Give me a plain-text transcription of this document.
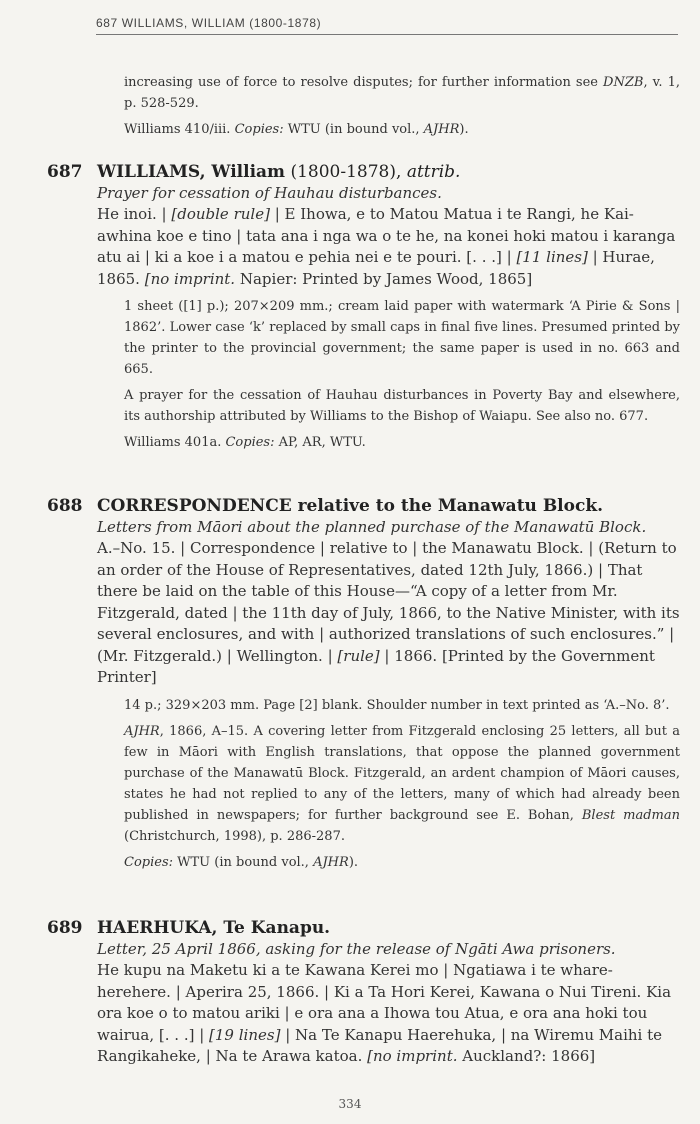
687 WILLIAMS, WILLIAM (1800-1878)

increasing use of force to resolve disputes; for further information see DNZB, v. 1, p. 528-529.

Williams 410/iii. Copies: WTU (in bound vol., AJHR).

687 WILLIAMS, William (1800-1878), attrib.
Prayer for cessation of Hauhau disturbances.
He inoi. | [double rule] | E Ihowa, e to Matou Matua i te Rangi, he Kai-awhina koe e tino | tata ana i nga wa o te he, na konei hoki matou i karanga atu ai | ki a koe i a matou e pehia nei e te pouri. [. . .] | [11 lines] | Hurae, 1865. [no imprint. Napier: Printed by James Wood, 1865]

1 sheet ([1] p.); 207×209 mm.; cream laid paper with watermark ‘A Pirie & Sons | 1862’. Lower case ‘k’ replaced by small caps in final five lines. Presumed printed by the printer to the provincial government; the same paper is used in no. 663 and 665.

A prayer for the cessation of Hauhau disturbances in Poverty Bay and elsewhere, its authorship attributed by Williams to the Bishop of Waiapu. See also no. 677.

Williams 401a. Copies: AP, AR, WTU.

688 CORRESPONDENCE relative to the Manawatu Block.
Letters from Māori about the planned purchase of the Manawatū Block.
A.–No. 15. | Correspondence | relative to | the Manawatu Block. | (Return to an order of the House of Representatives, dated 12th July, 1866.) | That there be laid on the table of this House—“A copy of a letter from Mr. Fitzgerald, dated | the 11th day of July, 1866, to the Native Minister, with its several enclosures, and with | authorized translations of such enclosures.” | (Mr. Fitzgerald.) | Wellington. | [rule] | 1866. [Printed by the Government Printer]

14 p.; 329×203 mm. Page [2] blank. Shoulder number in text printed as ‘A.–No. 8’.

AJHR, 1866, A–15. A covering letter from Fitzgerald enclosing 25 letters, all but a few in Māori with English translations, that oppose the planned government purchase of the Manawatū Block. Fitzgerald, an ardent champion of Māori causes, states he had not replied to any of the letters, many of which had already been published in newspapers; for further background see E. Bohan, Blest madman (Christchurch, 1998), p. 286-287.

Copies: WTU (in bound vol., AJHR).

689 HAERHUKA, Te Kanapu.
Letter, 25 April 1866, asking for the release of Ngāti Awa prisoners.
He kupu na Maketu ki a te Kawana Kerei mo | Ngatiawa i te whare-herehere. | Aperira 25, 1866. | Ki a Ta Hori Kerei, Kawana o Nui Tireni. Kia ora koe o to matou ariki | e ora ana a Ihowa tou Atua, e ora ana hoki tou wairua, [. . .] | [19 lines] | Na Te Kanapu Haerehuka, | na Wiremu Maihi te Rangikaheke, | Na te Arawa katoa. [no imprint. Auckland?: 1866]
334
